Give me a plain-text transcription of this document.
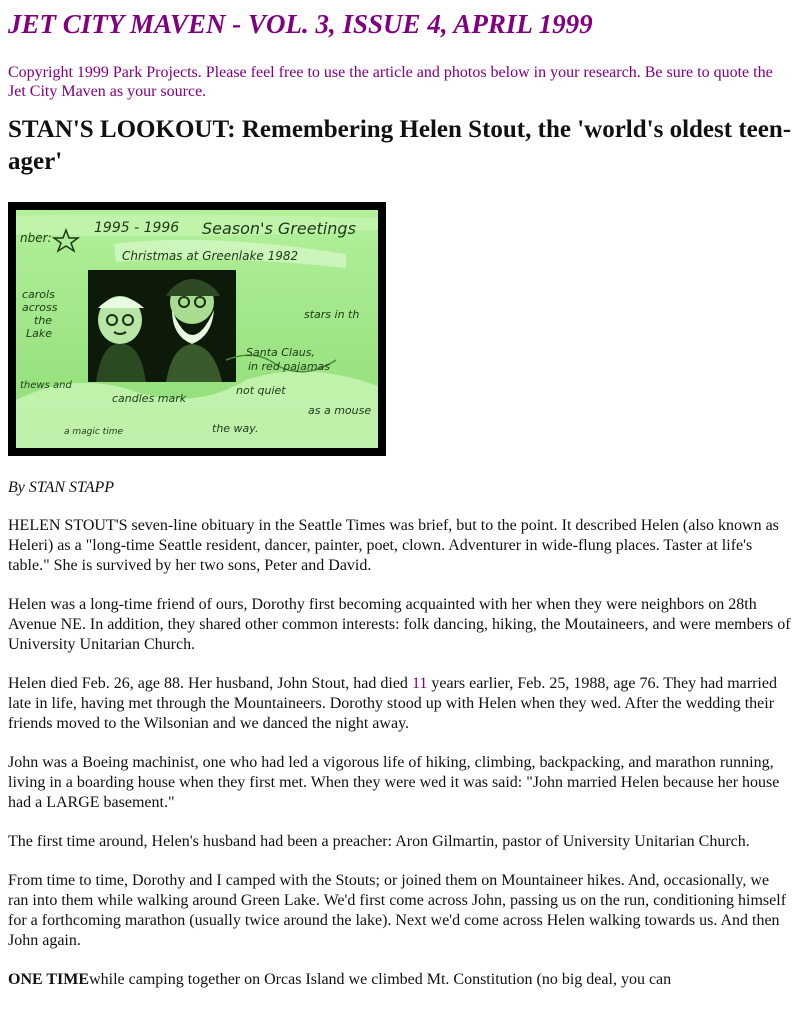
JET CITY MAVEN - VOL. 3, ISSUE 4, APRIL 1999

Copyright 1999 Park Projects. Please feel free to use the article and photos below in your research. Be sure to quote the Jet City Maven as your source.

STAN'S LOOKOUT: Remembering Helen Stout, the 'world's oldest teen-ager'
nber:
1995 - 1996 Season's Greetings
Christmas at Greenlake 1982
carols
across
the
Lake
stars in th
Santa Claus,
in red pajamas
thews and
candles mark
not quiet
as a mouse
a magic time	the way.

By STAN STAPP

HELEN STOUT'S seven-line obituary in the Seattle Times was brief, but to the point. It described Helen (also known as Heleri) as a "long-time Seattle resident, dancer, painter, poet, clown. Adventurer in wide-flung places. Taster at life's table." She is survived by her two sons, Peter and David.

Helen was a long-time friend of ours, Dorothy first becoming acquainted with her when they were neighbors on 28th Avenue NE. In addition, they shared other common interests: folk dancing, hiking, the Moutaineers, and were members of University Unitarian Church.

Helen died Feb. 26, age 88. Her husband, John Stout, had died 11 years earlier, Feb. 25, 1988, age 76. They had married late in life, having met through the Mountaineers. Dorothy stood up with Helen when they wed. After the wedding their friends moved to the Wilsonian and we danced the night away.

John was a Boeing machinist, one who had led a vigorous life of hiking, climbing, backpacking, and marathon running, living in a boarding house when they first met. When they were wed it was said: "John married Helen because her house had a LARGE basement."

The first time around, Helen's husband had been a preacher: Aron Gilmartin, pastor of University Unitarian Church.

From time to time, Dorothy and I camped with the Stouts; or joined them on Mountaineer hikes. And, occasionally, we ran into them while walking around Green Lake. We'd first come across John, passing us on the run, conditioning himself for a forthcoming marathon (usually twice around the lake). Next we'd come across Helen walking towards us. And then John again.

ONE TIMEwhile camping together on Orcas Island we climbed Mt. Constitution (no big deal, you can
